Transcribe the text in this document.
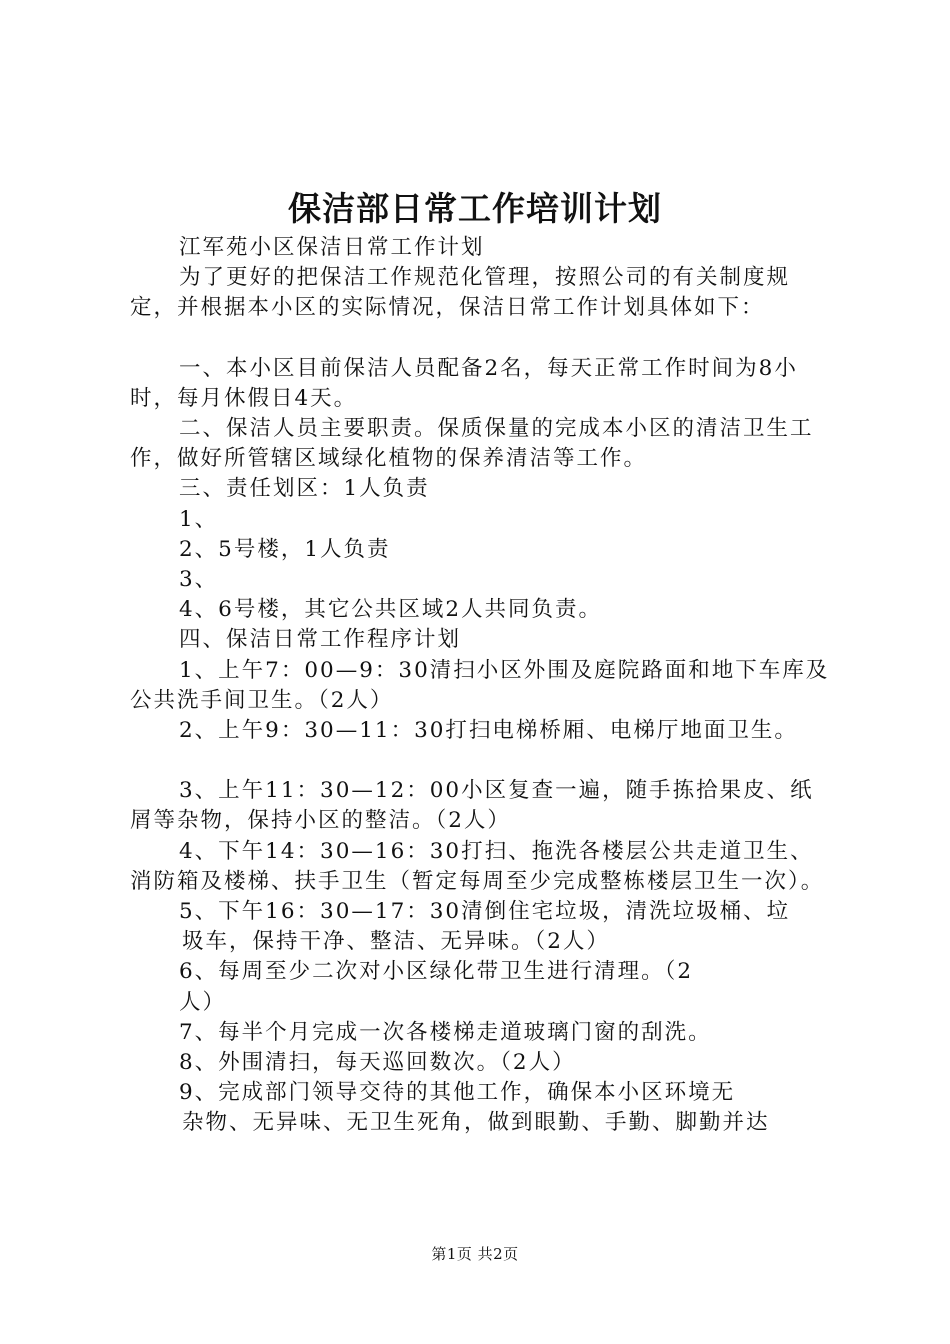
保洁部日常工作培训计划

江军苑小区保洁日常工作计划

为了更好的把保洁工作规范化管理，按照公司的有关制度规定，并根据本小区的实际情况，保洁日常工作计划具体如下：

一、本小区目前保洁人员配备2名，每天正常工作时间为8小时，每月休假日4天。

二、保洁人员主要职责。保质保量的完成本小区的清洁卫生工作，做好所管辖区域绿化植物的保养清洁等工作。

三、责任划区：1人负责

1、

2、5号楼，1人负责

3、

4、6号楼，其它公共区域2人共同负责。

四、保洁日常工作程序计划

1、上午7：00—9：30清扫小区外围及庭院路面和地下车库及公共洗手间卫生。（2人）

2、上午9：30—11：30打扫电梯桥厢、电梯厅地面卫生。

3、上午11：30—12：00小区复查一遍，随手拣拾果皮、纸屑等杂物，保持小区的整洁。（2人）

4、下午14：30—16：30打扫、拖洗各楼层公共走道卫生、消防箱及楼梯、扶手卫生（暂定每周至少完成整栋楼层卫生一次）。

5、下午16：30—17：30清倒住宅垃圾，清洗垃圾桶、垃

圾车，保持干净、整洁、无异味。（2人）

6、每周至少二次对小区绿化带卫生进行清理。（2

人）

7、每半个月完成一次各楼梯走道玻璃门窗的刮洗。

8、外围清扫，每天巡回数次。（2人）

9、完成部门领导交待的其他工作，确保本小区环境无

杂物、无异味、无卫生死角，做到眼勤、手勤、脚勤并达

第1页 共2页
